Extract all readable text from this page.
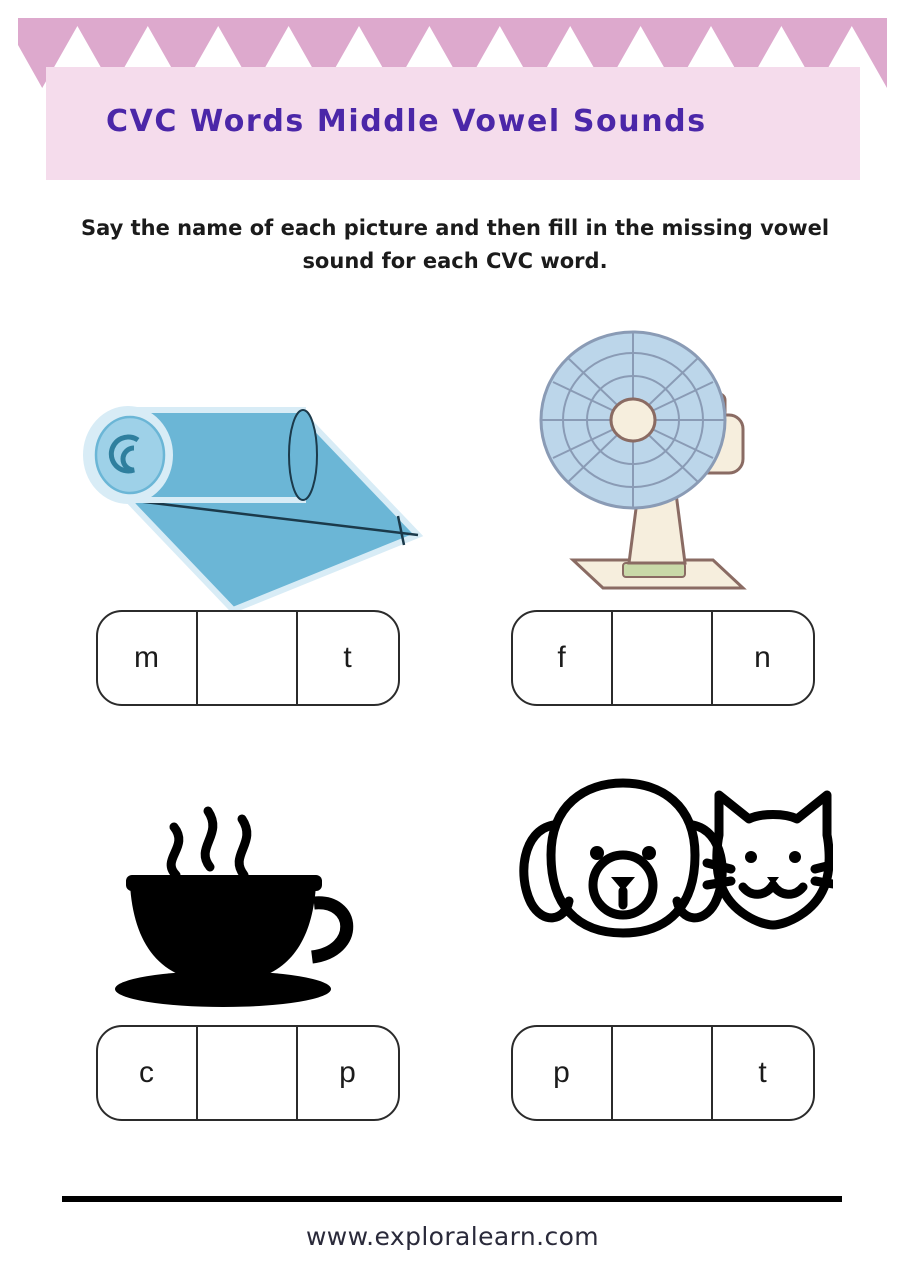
CVC Words Middle Vowel Sounds
Say the name of each picture and then fill in the missing vowel sound for each CVC word.
m	t	f	n
c	p	p	t
www.exploralearn.com
